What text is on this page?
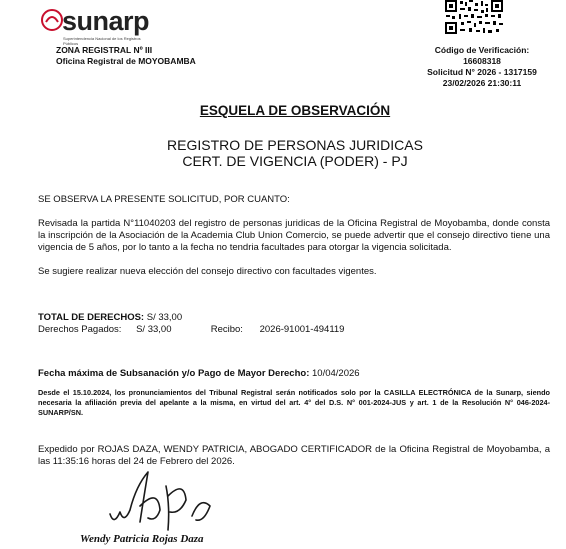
sunarp
Superintendencia Nacional de los Registros Públicos
ZONA REGISTRAL Nº III
Oficina Registral de MOYOBAMBA
Código de Verificación:
16608318
Solicitud N° 2026 - 1317159
23/02/2026 21:30:11
ESQUELA DE OBSERVACIÓN
REGISTRO DE PERSONAS JURIDICAS
CERT. DE VIGENCIA (PODER) - PJ
SE OBSERVA LA PRESENTE SOLICITUD, POR CUANTO:
Revisada la partida N°11040203 del registro de personas juridicas de la Oficina Registral de Moyobamba, donde consta la inscripción de la Asociación de la Academia Club Union Comercio, se puede advertir que el consejo directivo tiene una vigencia de 5 años, por lo tanto a la fecha no tendria facultades para otorgar la vigencia solicitada.
Se sugiere realizar nueva elección del consejo directivo con facultades vigentes.
TOTAL DE DERECHOS: S/ 33,00
Derechos Pagados: S/ 33,00	Recibo: 2026-91001-494119
Fecha máxima de Subsanación y/o Pago de Mayor Derecho: 10/04/2026
Desde el 15.10.2024, los pronunciamientos del Tribunal Registral serán notificados solo por la CASILLA ELECTRÓNICA de la Sunarp, siendo necesaria la afiliación previa del apelante a la misma, en virtud del art. 4° del D.S. N° 001-2024-JUS y art. 1 de la Resolución N° 046-2024-SUNARP/SN.
Expedido por ROJAS DAZA, WENDY PATRICIA, ABOGADO CERTIFICADOR de la Oficina Registral de Moyobamba, a las 11:35:16 horas del 24 de Febrero del 2026.
Wendy Patricia Rojas Daza
